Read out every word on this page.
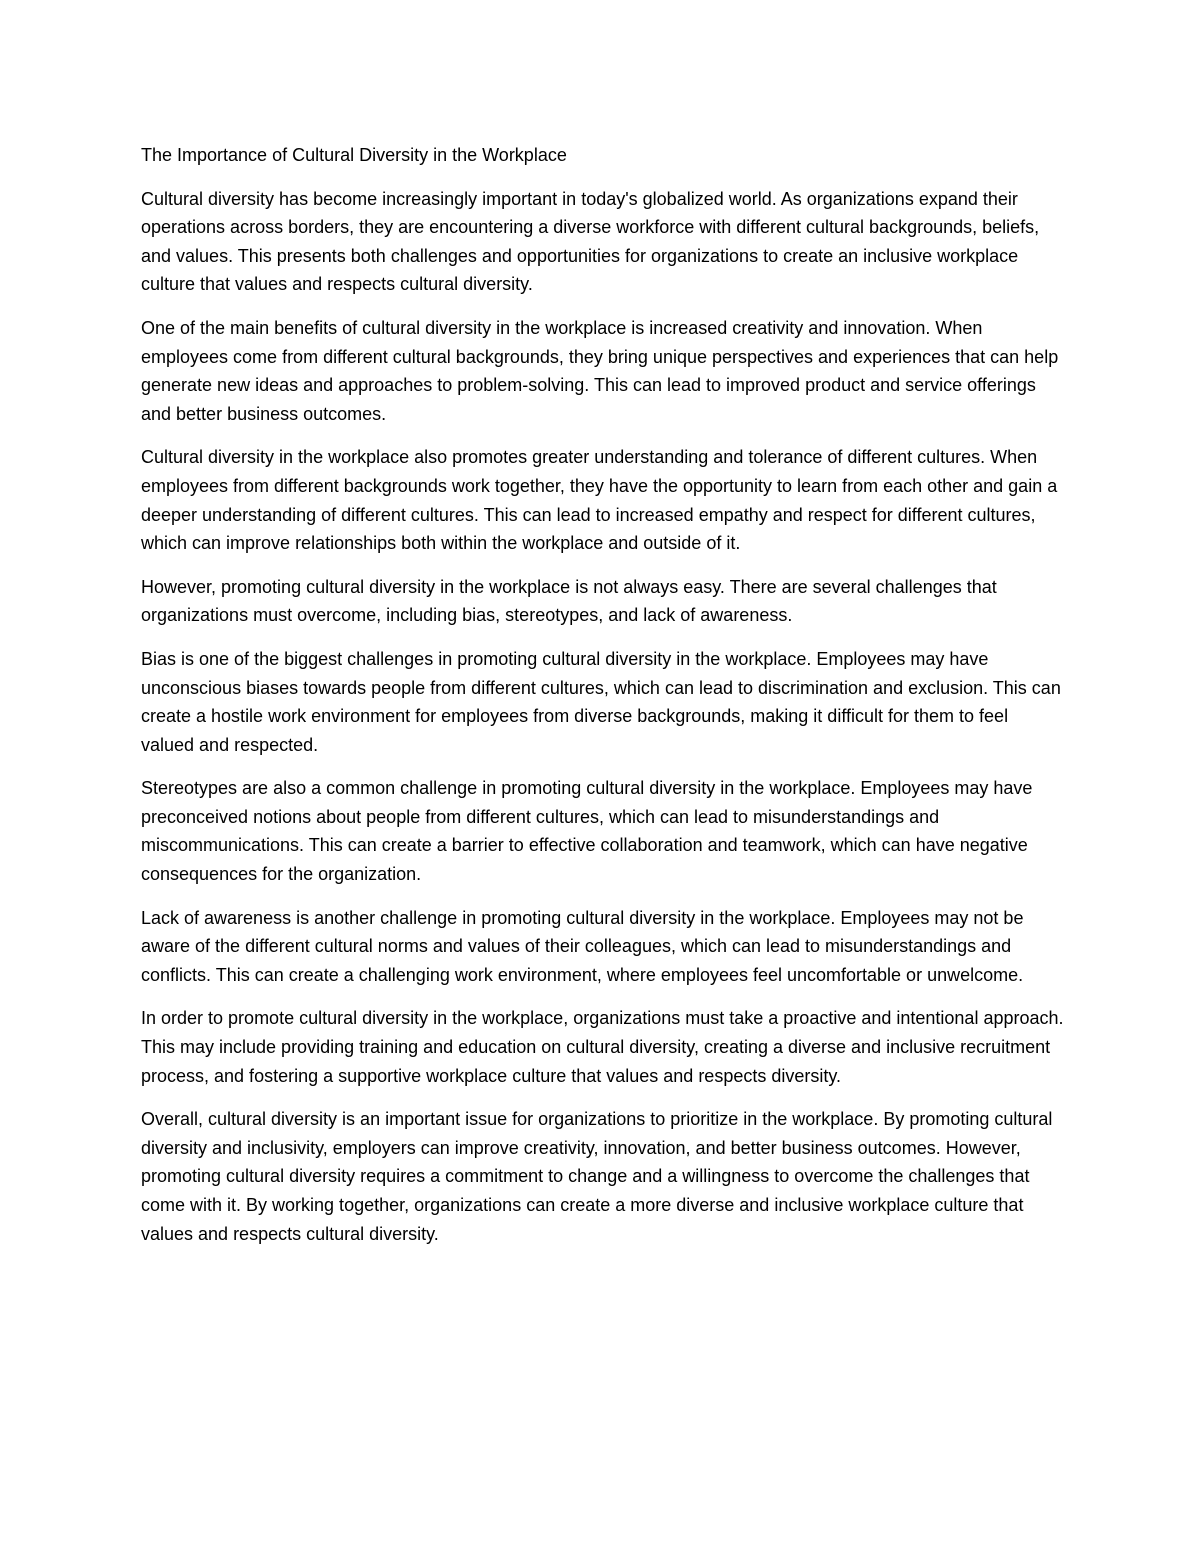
The Importance of Cultural Diversity in the Workplace

Cultural diversity has become increasingly important in today's globalized world. As organizations expand their operations across borders, they are encountering a diverse workforce with different cultural backgrounds, beliefs, and values. This presents both challenges and opportunities for organizations to create an inclusive workplace culture that values and respects cultural diversity.

One of the main benefits of cultural diversity in the workplace is increased creativity and innovation. When employees come from different cultural backgrounds, they bring unique perspectives and experiences that can help generate new ideas and approaches to problem-solving. This can lead to improved product and service offerings and better business outcomes.

Cultural diversity in the workplace also promotes greater understanding and tolerance of different cultures. When employees from different backgrounds work together, they have the opportunity to learn from each other and gain a deeper understanding of different cultures. This can lead to increased empathy and respect for different cultures, which can improve relationships both within the workplace and outside of it.

However, promoting cultural diversity in the workplace is not always easy. There are several challenges that organizations must overcome, including bias, stereotypes, and lack of awareness.

Bias is one of the biggest challenges in promoting cultural diversity in the workplace. Employees may have unconscious biases towards people from different cultures, which can lead to discrimination and exclusion. This can create a hostile work environment for employees from diverse backgrounds, making it difficult for them to feel valued and respected.

Stereotypes are also a common challenge in promoting cultural diversity in the workplace. Employees may have preconceived notions about people from different cultures, which can lead to misunderstandings and miscommunications. This can create a barrier to effective collaboration and teamwork, which can have negative consequences for the organization.

Lack of awareness is another challenge in promoting cultural diversity in the workplace. Employees may not be aware of the different cultural norms and values of their colleagues, which can lead to misunderstandings and conflicts. This can create a challenging work environment, where employees feel uncomfortable or unwelcome.

In order to promote cultural diversity in the workplace, organizations must take a proactive and intentional approach. This may include providing training and education on cultural diversity, creating a diverse and inclusive recruitment process, and fostering a supportive workplace culture that values and respects diversity.

Overall, cultural diversity is an important issue for organizations to prioritize in the workplace. By promoting cultural diversity and inclusivity, employers can improve creativity, innovation, and better business outcomes. However, promoting cultural diversity requires a commitment to change and a willingness to overcome the challenges that come with it. By working together, organizations can create a more diverse and inclusive workplace culture that values and respects cultural diversity.
